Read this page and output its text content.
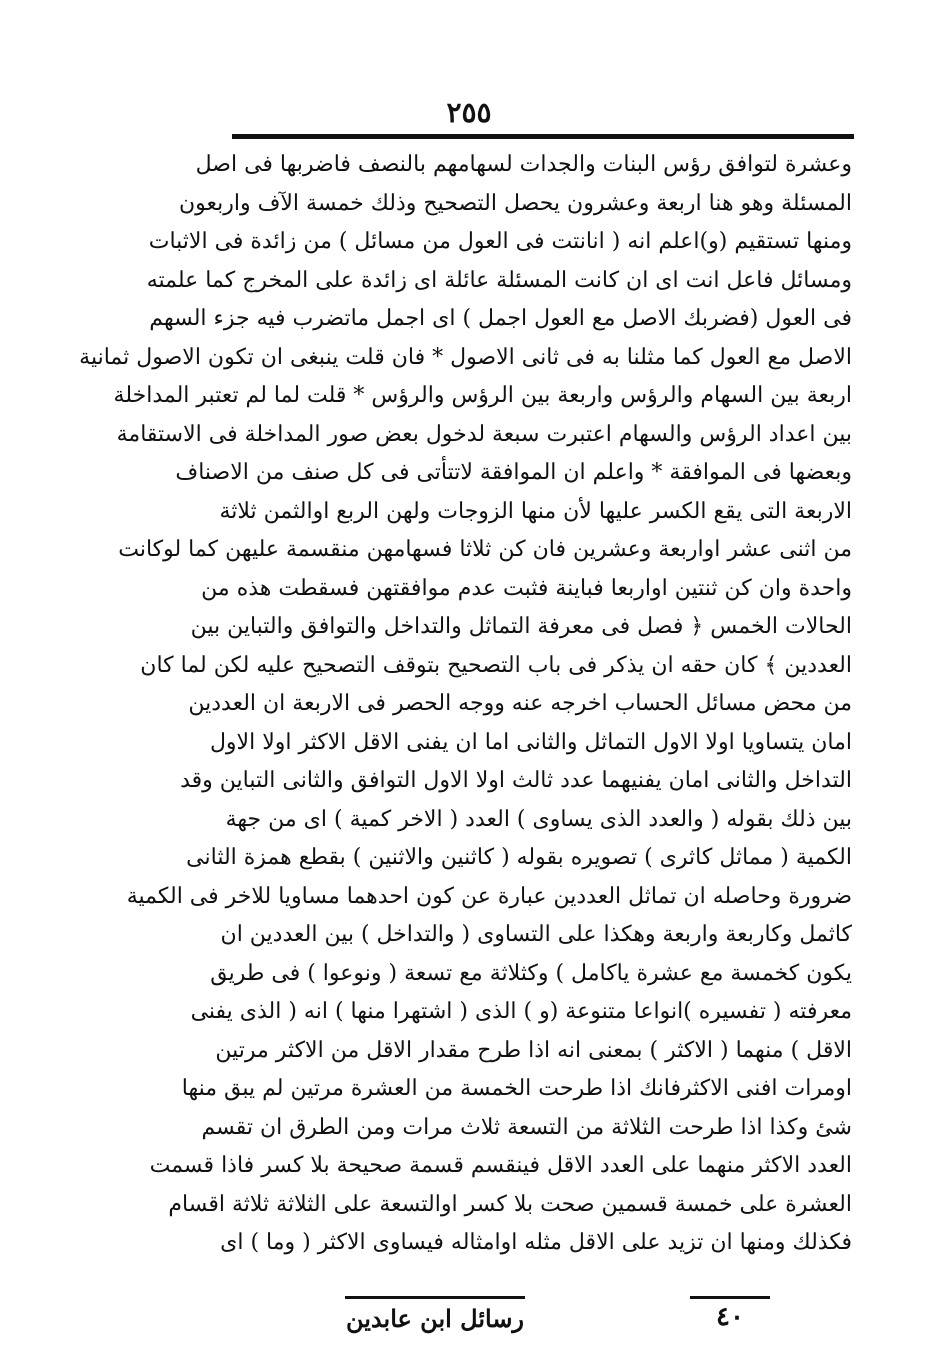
٢٥٥
وعشرة لتوافق رؤس البنات والجدات لسهامهم بالنصف فاضربها فى اصل
المسئلة وهو هنا اربعة وعشرون يحصل التصحيح وذلك خمسة الآف واربعون
ومنها تستقيم (و)اعلم انه ( انانتت فى العول من مسائل ) من زائدة فى الاثبات
ومسائل فاعل انت اى ان كانت المسئلة عائلة اى زائدة على المخرج كما علمته
فى العول (فضربك الاصل مع العول اجمل ) اى اجمل ماتضرب فيه جزء السهم
الاصل مع العول كما مثلنا به فى ثانى الاصول * فان قلت ينبغى ان تكون الاصول ثمانية
اربعة بين السهام والرؤس واربعة بين الرؤس والرؤس * قلت لما لم تعتبر المداخلة
بين اعداد الرؤس والسهام اعتبرت سبعة لدخول بعض صور المداخلة فى الاستقامة
وبعضها فى الموافقة * واعلم ان الموافقة لاتتأتى فى كل صنف من الاصناف
الاربعة التى يقع الكسر عليها لأن منها الزوجات ولهن الربع اوالثمن ثلاثة
من اثنى عشر اواربعة وعشرين فان كن ثلاثا فسهامهن منقسمة عليهن كما لوكانت
واحدة وان كن ثنتين اواربعا فباينة فثبت عدم موافقتهن فسقطت هذه من
الحالات الخمس ﴿ فصل فى معرفة التماثل والتداخل والتوافق والتباين بين
العددين ﴾ كان حقه ان يذكر فى باب التصحيح بتوقف التصحيح عليه لكن لما كان
من محض مسائل الحساب اخرجه عنه ووجه الحصر فى الاربعة ان العددين
امان يتساويا اولا الاول التماثل والثانى اما ان يفنى الاقل الاكثر اولا الاول
التداخل والثانى امان يفنيهما عدد ثالث اولا الاول التوافق والثانى التباين وقد
بين ذلك بقوله ( والعدد الذى يساوى ) العدد ( الاخر كمية ) اى من جهة
الكمية ( مماثل كاثرى ) تصويره بقوله ( كاثنين والاثنين ) بقطع همزة الثانى
ضرورة وحاصله ان تماثل العددين عبارة عن كون احدهما مساويا للاخر فى الكمية
كاثمل وكاربعة واربعة وهكذا على التساوى ( والتداخل ) بين العددين ان
يكون كخمسة مع عشرة ياكامل ) وكثلاثة مع تسعة ( ونوعوا ) فى طريق
معرفته ( تفسيره )انواعا متنوعة (و ) الذى ( اشتهرا منها ) انه ( الذى يفنى
الاقل ) منهما ( الاكثر ) بمعنى انه اذا طرح مقدار الاقل من الاكثر مرتين
اومرات افنى الاكثرفانك اذا طرحت الخمسة من العشرة مرتين لم يبق منها
شئ وكذا اذا طرحت الثلاثة من التسعة ثلاث مرات ومن الطرق ان تقسم
العدد الاكثر منهما على العدد الاقل فينقسم قسمة صحيحة بلا كسر فاذا قسمت
العشرة على خمسة قسمين صحت بلا كسر اوالتسعة على الثلاثة ثلاثة اقسام
فكذلك ومنها ان تزيد على الاقل مثله اوامثاله فيساوى الاكثر ( وما ) اى
رسائل ابن عابدين	٤٠
